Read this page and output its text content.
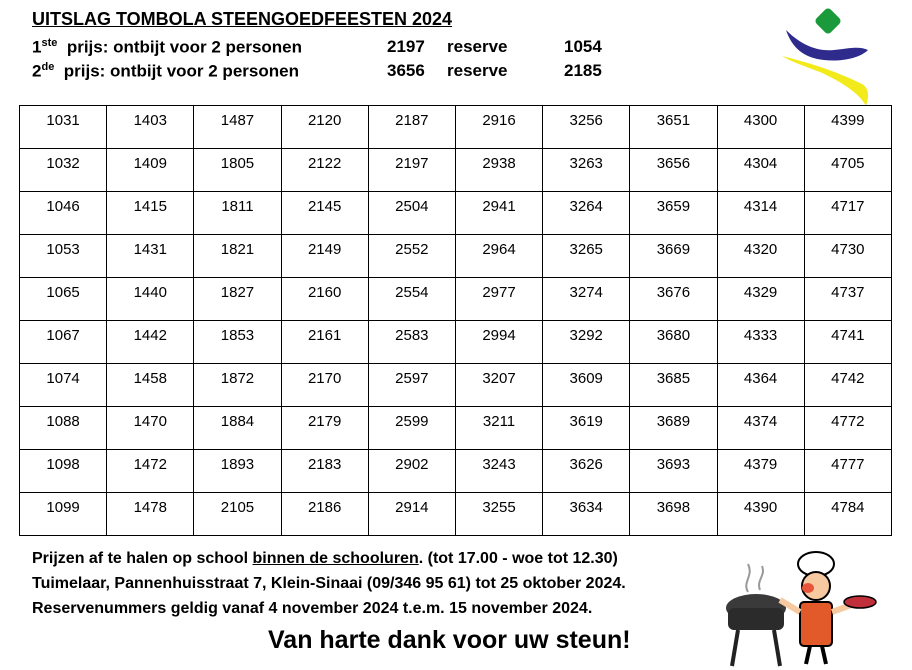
UITSLAG TOMBOLA STEENGOEDFEESTEN 2024
1ste prijs: ontbijt voor 2 personen	2197 reserve	1054
2de prijs: ontbijt voor 2 personen	3656 reserve	2185
1031	1403	1487	2120	2187	2916	3256	3651	4300	4399
1032	1409	1805	2122	2197	2938	3263	3656	4304	4705
1046	1415	1811	2145	2504	2941	3264	3659	4314	4717
1053	1431	1821	2149	2552	2964	3265	3669	4320	4730
1065	1440	1827	2160	2554	2977	3274	3676	4329	4737
1067	1442	1853	2161	2583	2994	3292	3680	4333	4741
1074	1458	1872	2170	2597	3207	3609	3685	4364	4742
1088	1470	1884	2179	2599	3211	3619	3689	4374	4772
1098	1472	1893	2183	2902	3243	3626	3693	4379	4777
1099	1478	2105	2186	2914	3255	3634	3698	4390	4784
Prijzen af te halen op school binnen de schooluren. (tot 17.00 - woe tot 12.30)
Tuimelaar, Pannenhuisstraat 7, Klein-Sinaai (09/346 95 61) tot 25 oktober 2024.
Reservenummers geldig vanaf 4 november 2024 t.e.m. 15 november 2024.
Van harte dank voor uw steun!
